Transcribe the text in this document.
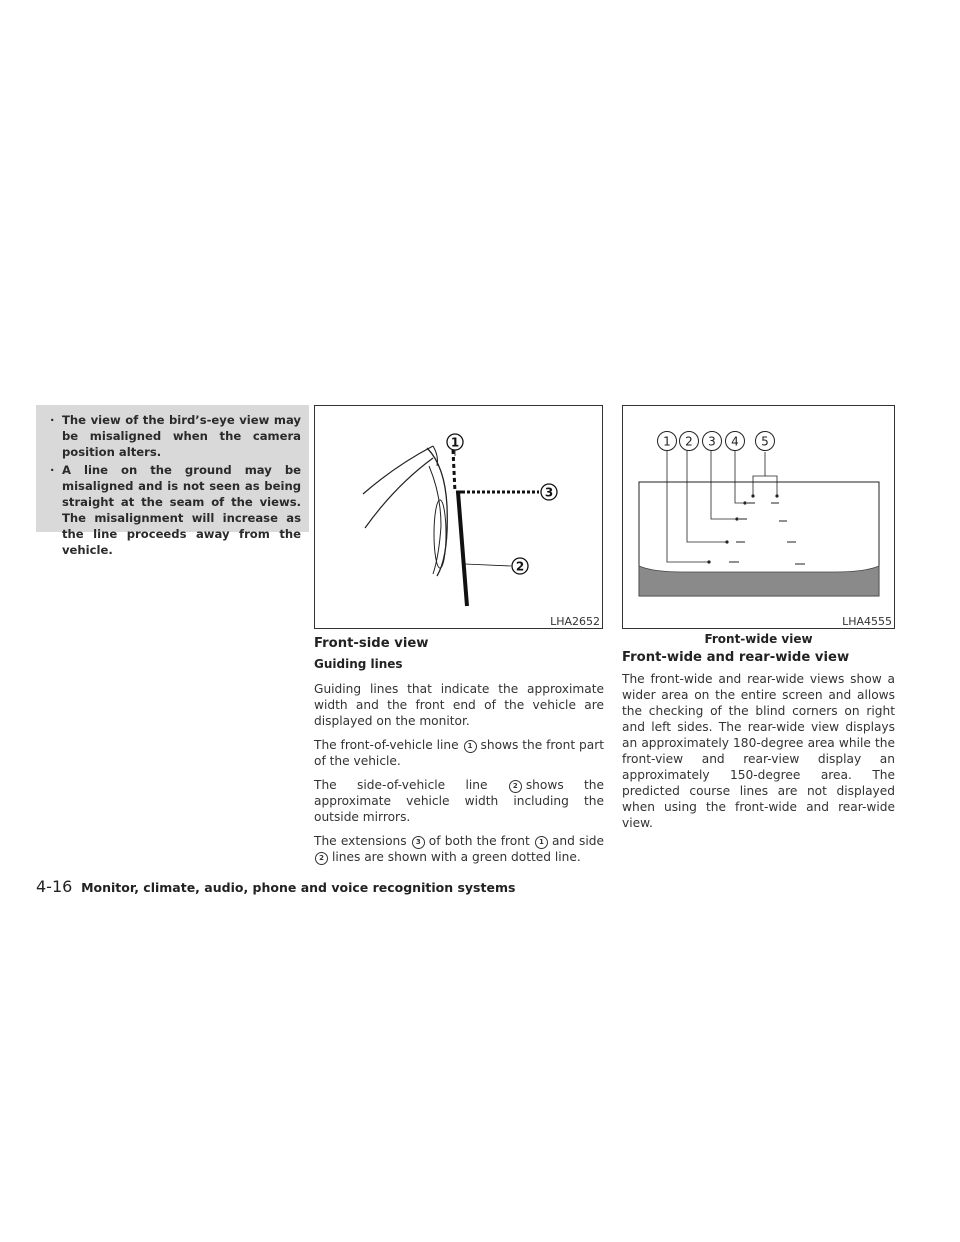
· The view of the bird’s-eye view may be misaligned when the camera position alters.
· A line on the ground may be misaligned and is not seen as being straight at the seam of the views. The misalignment will increase as the line proceeds away from the vehicle.
1
3
2
LHA2652
1 2 3 4 5
LHA4555
Front-wide view
Front-side view
Guiding lines

Guiding lines that indicate the approximate width and the front end of the vehicle are displayed on the monitor.

The front-of-vehicle line 1 shows the front part of the vehicle.

The side-of-vehicle line	2 shows the approximate vehicle width including the outside mirrors.

The extensions 3 of both the front 1 and side 2 lines are shown with a green dotted line.

Front-wide and rear-wide view

The front-wide and rear-wide views show a wider area on the entire screen and allows the checking of the blind corners on right and left sides. The rear-wide view displays an approximately 180-degree area while the front-view and rear-view display an approximately 150-degree area. The predicted course lines are not displayed when using the front-wide and rear-wide view.

4-16 Monitor, climate, audio, phone and voice recognition systems
